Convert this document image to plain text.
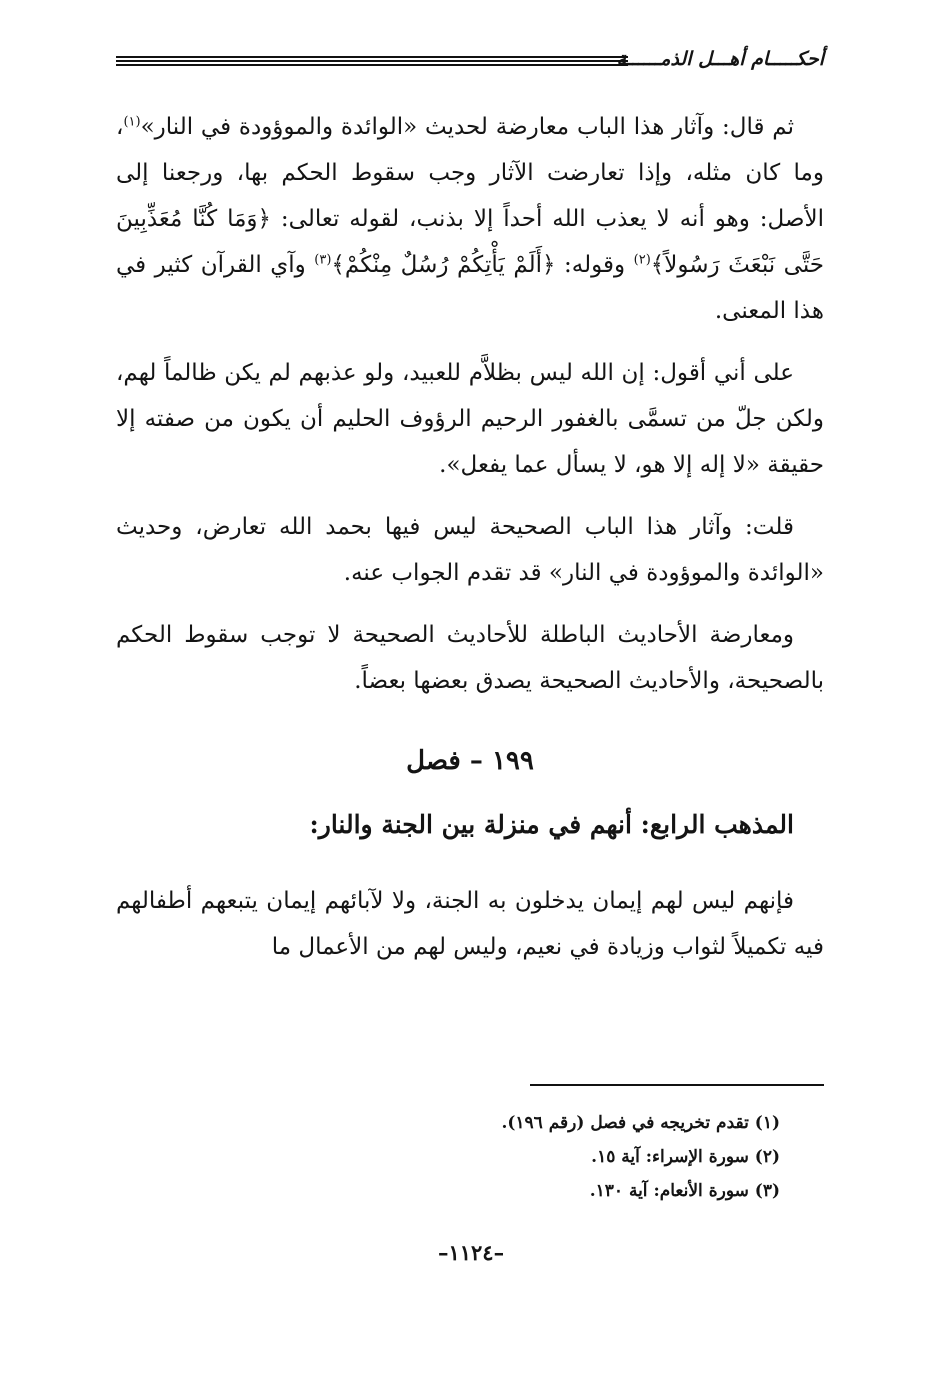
أحكـــــام أهـــل الذمــــــة

ثم قال: وآثار هذا الباب معارضة لحديث «الوائدة والموؤودة في النار»$^{(١)}$، وما كان مثله، وإذا تعارضت الآثار وجب سقوط الحكم بها، ورجعنا إلى الأصل: وهو أنه لا يعذب الله أحداً إلا بذنب، لقوله تعالى: ﴿وَمَا كُنَّا مُعَذِّبِينَ حَتَّى نَبْعَثَ رَسُولاً﴾$^{(٢)}$ وقوله: ﴿أَلَمْ يَأْتِكُمْ رُسُلٌ مِنْكُمْ﴾$^{(٣)}$ وآي القرآن كثير في هذا المعنى.

على أني أقول: إن الله ليس بظلاَّم للعبيد، ولو عذبهم لم يكن ظالماً لهم، ولكن جلّ من تسمَّى بالغفور الرحيم الرؤوف الحليم أن يكون من صفته إلا حقيقة «لا إله إلا هو، لا يسأل عما يفعل».

قلت: وآثار هذا الباب الصحيحة ليس فيها بحمد الله تعارض، وحديث «الوائدة والموؤودة في النار» قد تقدم الجواب عنه.

ومعارضة الأحاديث الباطلة للأحاديث الصحيحة لا توجب سقوط الحكم بالصحيحة، والأحاديث الصحيحة يصدق بعضها بعضاً.

١٩٩ – فصل
المذهب الرابع: أنهم في منزلة بين الجنة والنار:

فإنهم ليس لهم إيمان يدخلون به الجنة، ولا لآبائهم إيمان يتبعهم أطفالهم فيه تكميلاً لثواب وزيادة في نعيم، وليس لهم من الأعمال ما

(١) تقدم تخريجه في فصل (رقم ١٩٦).

(٢) سورة الإسراء: آية ١٥.

(٣) سورة الأنعام: آية ١٣٠.

–١١٢٤–
